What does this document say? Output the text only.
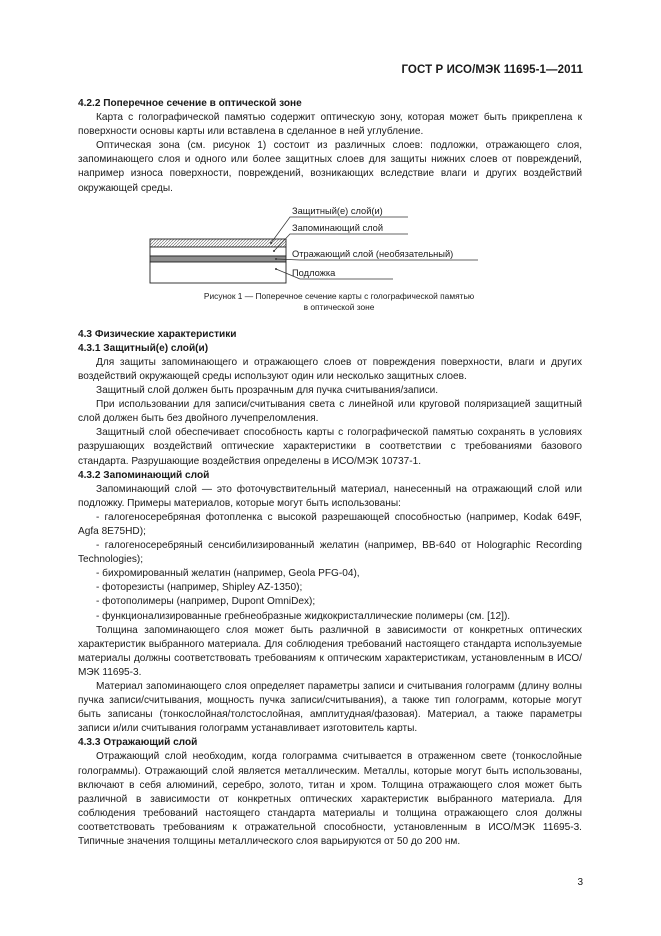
ГОСТ Р ИСО/МЭК 11695-1—2011
4.2.2 Поперечное сечение в оптической зоне

Карта с голографической памятью содержит оптическую зону, которая может быть прикреплена к поверхности основы карты или вставлена в сделанное в ней углубление.

Оптическая зона (см. рисунок 1) состоит из различных слоев: подложки, отражающего слоя, запоминающего слоя и одного или более защитных слоев для защиты нижних слоев от повреждений, например износа поверхности, повреждений, возникающих вследствие влаги и других воздействий окружающей среды.

Защитный(е) слой(и)
Запоминающий слой
Отражающий слой (необязательный)
Подложка

Рисунок 1 — Поперечное сечение карты с голографической памятью

в оптической зоне

4.3 Физические характеристики
4.3.1 Защитный(е) слой(и)

Для защиты запоминающего и отражающего слоев от повреждения поверхности, влаги и других воздействий окружающей среды используют один или несколько защитных слоев.

Защитный слой должен быть прозрачным для пучка считывания/записи.

При использовании для записи/считывания света с линейной или круговой поляризацией защитный слой должен быть без двойного лучепреломления.

Защитный слой обеспечивает способность карты с голографической памятью сохранять в условиях разрушающих воздействий оптические характеристики в соответствии с требованиями базового стандарта. Разрушающие воздействия определены в ИСО/МЭК 10737-1.

4.3.2 Запоминающий слой

Запоминающий слой — это фоточувствительный материал, нанесенный на отражающий слой или подложку. Примеры материалов, которые могут быть использованы:

- галогеносеребряная фотопленка с высокой разрешающей способностью (например, Kodak 649F, Agfa 8E75HD);

- галогеносеребряный сенсибилизированный желатин (например, BB-640 от Holographic Recording Technologies);

- бихромированный желатин (например, Geola PFG-04),

- фоторезисты (например, Shipley AZ-1350);

- фотополимеры (например, Dupont OmniDex);

- функционализированные гребнеобразные жидкокристаллические полимеры (см. [12]).

Толщина запоминающего слоя может быть различной в зависимости от конкретных оптических характеристик выбранного материала. Для соблюдения требований настоящего стандарта используемые материалы должны соответствовать требованиям к оптическим характеристикам, установленным в ИСО/МЭК 11695-3.

Материал запоминающего слоя определяет параметры записи и считывания голограмм (длину волны пучка записи/считывания, мощность пучка записи/считывания), а также тип голограмм, которые могут быть записаны (тонкослойная/толстослойная, амплитудная/фазовая). Материал, а также параметры записи и/или считывания голограмм устанавливает изготовитель карты.

4.3.3 Отражающий слой

Отражающий слой необходим, когда голограмма считывается в отраженном свете (тонкослойные голограммы). Отражающий слой является металлическим. Металлы, которые могут быть использованы, включают в себя алюминий, серебро, золото, титан и хром. Толщина отражающего слоя может быть различной в зависимости от конкретных оптических характеристик выбранного материала. Для соблюдения требований настоящего стандарта материалы и толщина отражающего слоя должны соответствовать требованиям к отражательной способности, установленным в ИСО/МЭК 11695-3. Типичные значения толщины металлического слоя варьируются от 50 до 200 нм.

3
